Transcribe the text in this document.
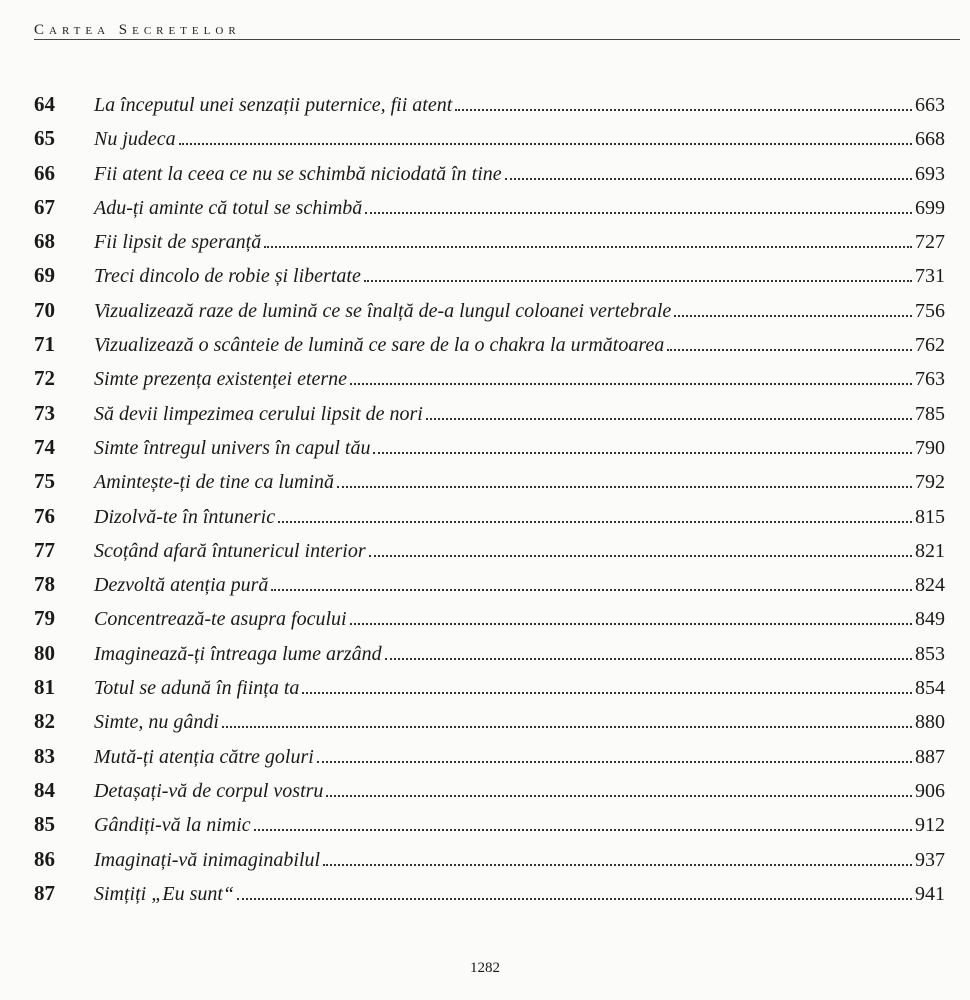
Cartea Secretelor
64	La începutul unei senzații puternice, fii atent	663
65	Nu judeca	668
66	Fii atent la ceea ce nu se schimbă niciodată în tine	693
67	Adu-ți aminte că totul se schimbă	699
68	Fii lipsit de speranță	727
69	Treci dincolo de robie și libertate	731
70	Vizualizează raze de lumină ce se înalță de-a lungul coloanei vertebrale	756
71	Vizualizează o scânteie de lumină ce sare de la o chakra la următoarea	762
72	Simte prezența existenței eterne	763
73	Să devii limpezimea cerului lipsit de nori	785
74	Simte întregul univers în capul tău	790
75	Amintește-ți de tine ca lumină	792
76	Dizolvă-te în întuneric	815
77	Scoțând afară întunericul interior	821
78	Dezvoltă atenția pură	824
79	Concentrează-te asupra focului	849
80	Imaginează-ți întreaga lume arzând	853
81	Totul se adună în ființa ta	854
82	Simte, nu gândi	880
83	Mută-ți atenția către goluri	887
84	Detașați-vă de corpul vostru	906
85	Gândiți-vă la nimic	912
86	Imaginați-vă inimaginabilul	937
87	Simțiți „Eu sunt“	941
1282
